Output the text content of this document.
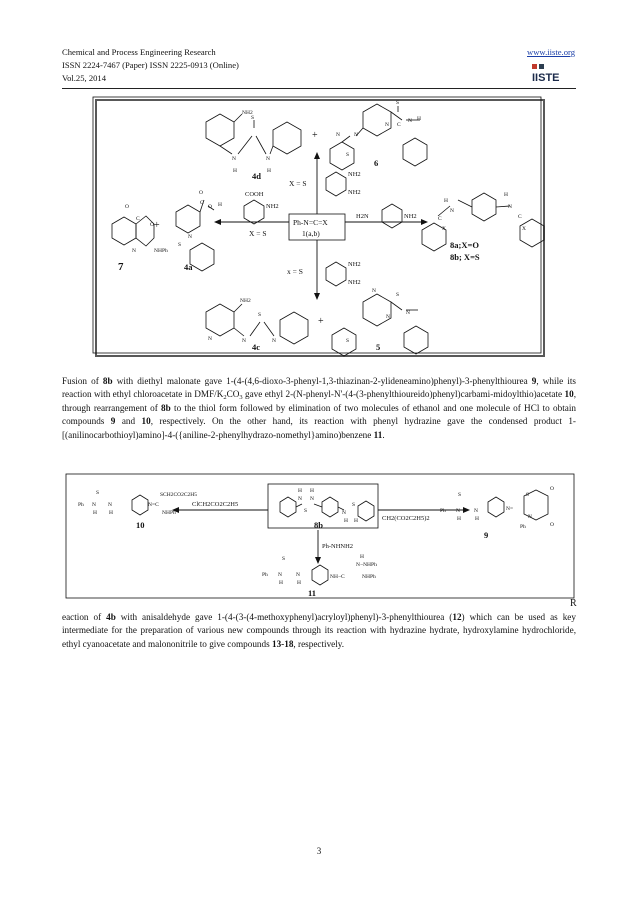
Chemical and Process Engineering Research
ISSN 2224-7467 (Paper) ISSN 2225-0913 (Online)
Vol.25, 2014
www.iiste.org
IISTE
NH2
S
N	N
H	H
4d
+
S
N C
N H
N
N
S
6
Ph-N=C=X
1(a,b)
X = S
X = S
x = S
NH2
NH2
COOH
NH2
H2N	NH2
NH2
NH2
O
C
O
N	NHPh
7
+
O
C
O H
N
S
4a
H
N
C
X
H
N
C
X
8a;X=O
8b; X=S
NH2
S
N	N	N
4c
+
N
S
N
N
S
5
Fusion of 8b with diethyl malonate gave 1-(4-(4,6-dioxo-3-phenyl-1,3-thiazinan-2-ylideneamino)phenyl)-3-phenylthiourea 9, while its reaction with ethyl chloroacetate in DMF/$K_2CO_3$ gave ethyl 2-(N-phenyl-N'-(4-(3-phenylthioureido)phenyl)carbami-midoylthio)acetate 10, through rearrangement of 8b to the thiol form followed by elimination of two molecules of ethanol and one molecule of HCl to obtain compounds 9 and 10, respectively. On the other hand, its reaction with phenyl hydrazine gave the condensed product 1-[(anilinocarbothioyl)amino]-4-({aniline-2-phenylhydrazo-nomethyl}amino)benzene 11.
H
N
H
N
S	N
S
H H
8b
ClCH2CO2C2H5
CH2(CO2C2H5)2
Ph-NHNH2
Ph
S
N N
H H
N=C
SCH2CO2C2H5
NHPh
10
Ph
S
N	N
H	H
N=
S
O
N
Ph	O
9
Ph
S
N	N
H	H
NH−C
N−NHPh
NHPh
H
11
R
eaction of 4b with anisaldehyde gave 1-(4-(3-(4-methoxyphenyl)acryloyl)phenyl)-3-phenylthiourea (12) which can be used as key intermediate for the preparation of various new compounds through its reaction with hydrazine hydrate, hydroxylamine hydrochloride, ethyl cyanoacetate and malononitrile to give compounds 13-18, respectively.
3
